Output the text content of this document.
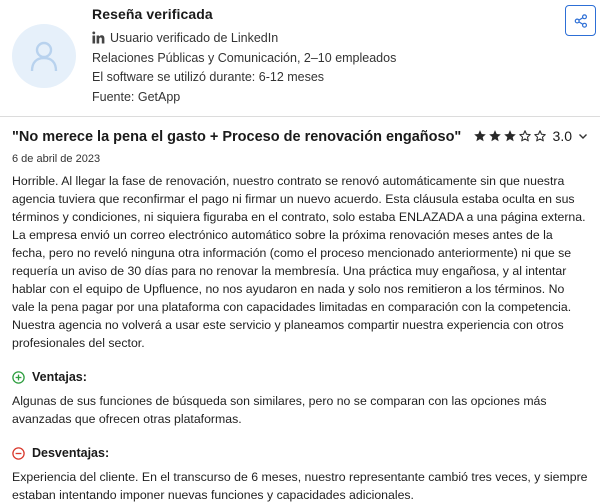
Reseña verificada
Usuario verificado de LinkedIn
Relaciones Públicas y Comunicación, 2–10 empleados
El software se utilizó durante: 6-12 meses
Fuente: GetApp
"No merece la pena el gasto + Proceso de renovación engañoso"	3.0
6 de abril de 2023
Horrible. Al llegar la fase de renovación, nuestro contrato se renovó automáticamente sin que nuestra agencia tuviera que reconfirmar el pago ni firmar un nuevo acuerdo. Esta cláusula estaba oculta en sus términos y condiciones, ni siquiera figuraba en el contrato, solo estaba ENLAZADA a una página externa. La empresa envió un correo electrónico automático sobre la próxima renovación meses antes de la fecha, pero no reveló ninguna otra información (como el proceso mencionado anteriormente) ni que se requería un aviso de 30 días para no renovar la membresía. Una práctica muy engañosa, y al intentar hablar con el equipo de Upfluence, no nos ayudaron en nada y solo nos remitieron a los términos. No vale la pena pagar por una plataforma con capacidades limitadas en comparación con la competencia. Nuestra agencia no volverá a usar este servicio y planeamos compartir nuestra experiencia con otros profesionales del sector.
Ventajas:
Algunas de sus funciones de búsqueda son similares, pero no se comparan con las opciones más avanzadas que ofrecen otras plataformas.
Desventajas:
Experiencia del cliente. En el transcurso de 6 meses, nuestro representante cambió tres veces, y siempre estaban intentando imponer nuevas funciones y capacidades adicionales.
